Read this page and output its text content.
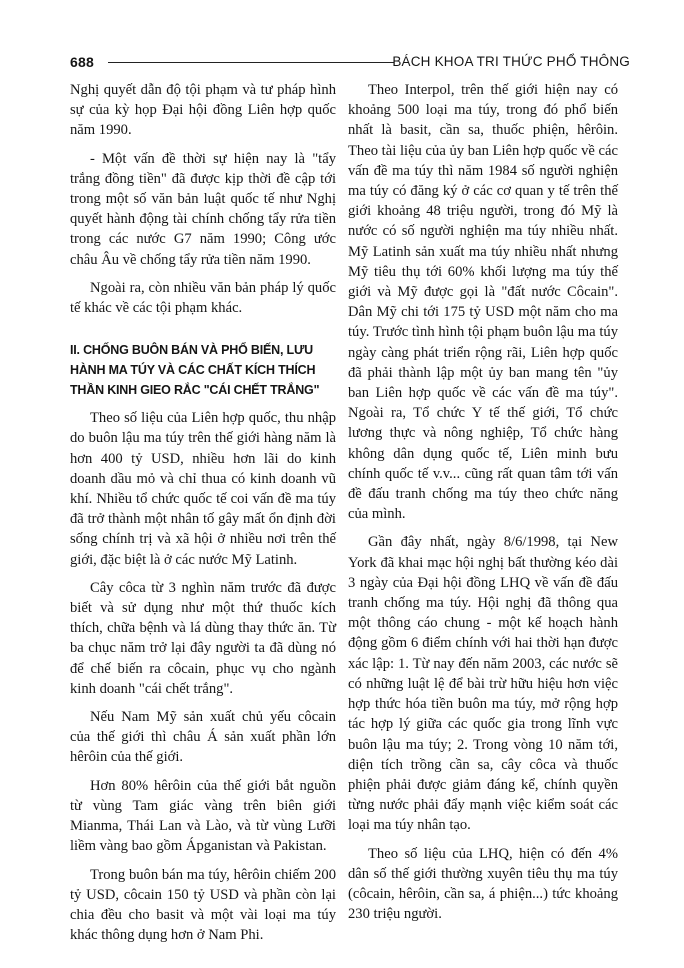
688	BÁCH KHOA TRI THỨC PHỔ THÔNG

Nghị quyết dẫn độ tội phạm và tư pháp hình sự của kỳ họp Đại hội đồng Liên hợp quốc năm 1990.

- Một vấn đề thời sự hiện nay là "tẩy trắng đồng tiền" đã được kịp thời đề cập tới trong một số văn bản luật quốc tế như Nghị quyết hành động tài chính chống tẩy rửa tiền trong các nước G7 năm 1990; Công ước châu Âu về chống tẩy rửa tiền năm 1990.

Ngoài ra, còn nhiều văn bản pháp lý quốc tế khác về các tội phạm khác.

II. CHỐNG BUÔN BÁN VÀ PHỔ BIẾN, LƯU HÀNH MA TÚY VÀ CÁC CHẤT KÍCH THÍCH THẦN KINH GIEO RẮC "CÁI CHẾT TRẮNG"

Theo số liệu của Liên hợp quốc, thu nhập do buôn lậu ma túy trên thế giới hàng năm là hơn 400 tỷ USD, nhiều hơn lãi do kinh doanh dầu mỏ và chỉ thua có kinh doanh vũ khí. Nhiều tổ chức quốc tế coi vấn đề ma túy đã trở thành một nhân tố gây mất ổn định đời sống chính trị và xã hội ở nhiều nơi trên thế giới, đặc biệt là ở các nước Mỹ Latinh.

Cây côca từ 3 nghìn năm trước đã được biết và sử dụng như một thứ thuốc kích thích, chữa bệnh và lá dùng thay thức ăn. Từ ba chục năm trở lại đây người ta đã dùng nó để chế biến ra côcain, phục vụ cho ngành kinh doanh "cái chết trắng".

Nếu Nam Mỹ sản xuất chủ yếu côcain của thế giới thì châu Á sản xuất phần lớn hêrôin của thế giới.

Hơn 80% hêrôin của thế giới bắt nguồn từ vùng Tam giác vàng trên biên giới Mianma, Thái Lan và Lào, và từ vùng Lưỡi liềm vàng bao gồm Ápganistan và Pakistan.

Trong buôn bán ma túy, hêrôin chiếm 200 tỷ USD, côcain 150 tỷ USD và phần còn lại chia đều cho basit và một vài loại ma túy khác thông dụng hơn ở Nam Phi.

Theo Interpol, trên thế giới hiện nay có khoảng 500 loại ma túy, trong đó phổ biến nhất là basit, cần sa, thuốc phiện, hêrôin. Theo tài liệu của ủy ban Liên hợp quốc về các vấn đề ma túy thì năm 1984 số người nghiện ma túy có đăng ký ở các cơ quan y tế trên thế giới khoảng 48 triệu người, trong đó Mỹ là nước có số người nghiện ma túy nhiều nhất. Mỹ Latinh sản xuất ma túy nhiều nhất nhưng Mỹ tiêu thụ tới 60% khối lượng ma túy thế giới và Mỹ được gọi là "đất nước Côcain". Dân Mỹ chi tới 175 tỷ USD một năm cho ma túy. Trước tình hình tội phạm buôn lậu ma túy ngày càng phát triển rộng rãi, Liên hợp quốc đã phải thành lập một ủy ban mang tên "ủy ban Liên hợp quốc về các vấn đề ma túy". Ngoài ra, Tổ chức Y tế thế giới, Tổ chức lương thực và nông nghiệp, Tổ chức hàng không dân dụng quốc tế, Liên minh bưu chính quốc tế v.v... cũng rất quan tâm tới vấn đề đấu tranh chống ma túy theo chức năng của mình.

Gần đây nhất, ngày 8/6/1998, tại New York đã khai mạc hội nghị bất thường kéo dài 3 ngày của Đại hội đồng LHQ về vấn đề đấu tranh chống ma túy. Hội nghị đã thông qua một thông cáo chung - một kế hoạch hành động gồm 6 điểm chính với hai thời hạn được xác lập: 1. Từ nay đến năm 2003, các nước sẽ có những luật lệ để bài trừ hữu hiệu hơn việc hợp thức hóa tiền buôn ma túy, mở rộng hợp tác hợp lý giữa các quốc gia trong lĩnh vực buôn lậu ma túy; 2. Trong vòng 10 năm tới, diện tích trồng cần sa, cây côca và thuốc phiện phải được giảm đáng kể, chính quyền từng nước phải đẩy mạnh việc kiểm soát các loại ma túy nhân tạo.

Theo số liệu của LHQ, hiện có đến 4% dân số thế giới thường xuyên tiêu thụ ma túy (côcain, hêrôin, cần sa, á phiện...) tức khoảng 230 triệu người.
